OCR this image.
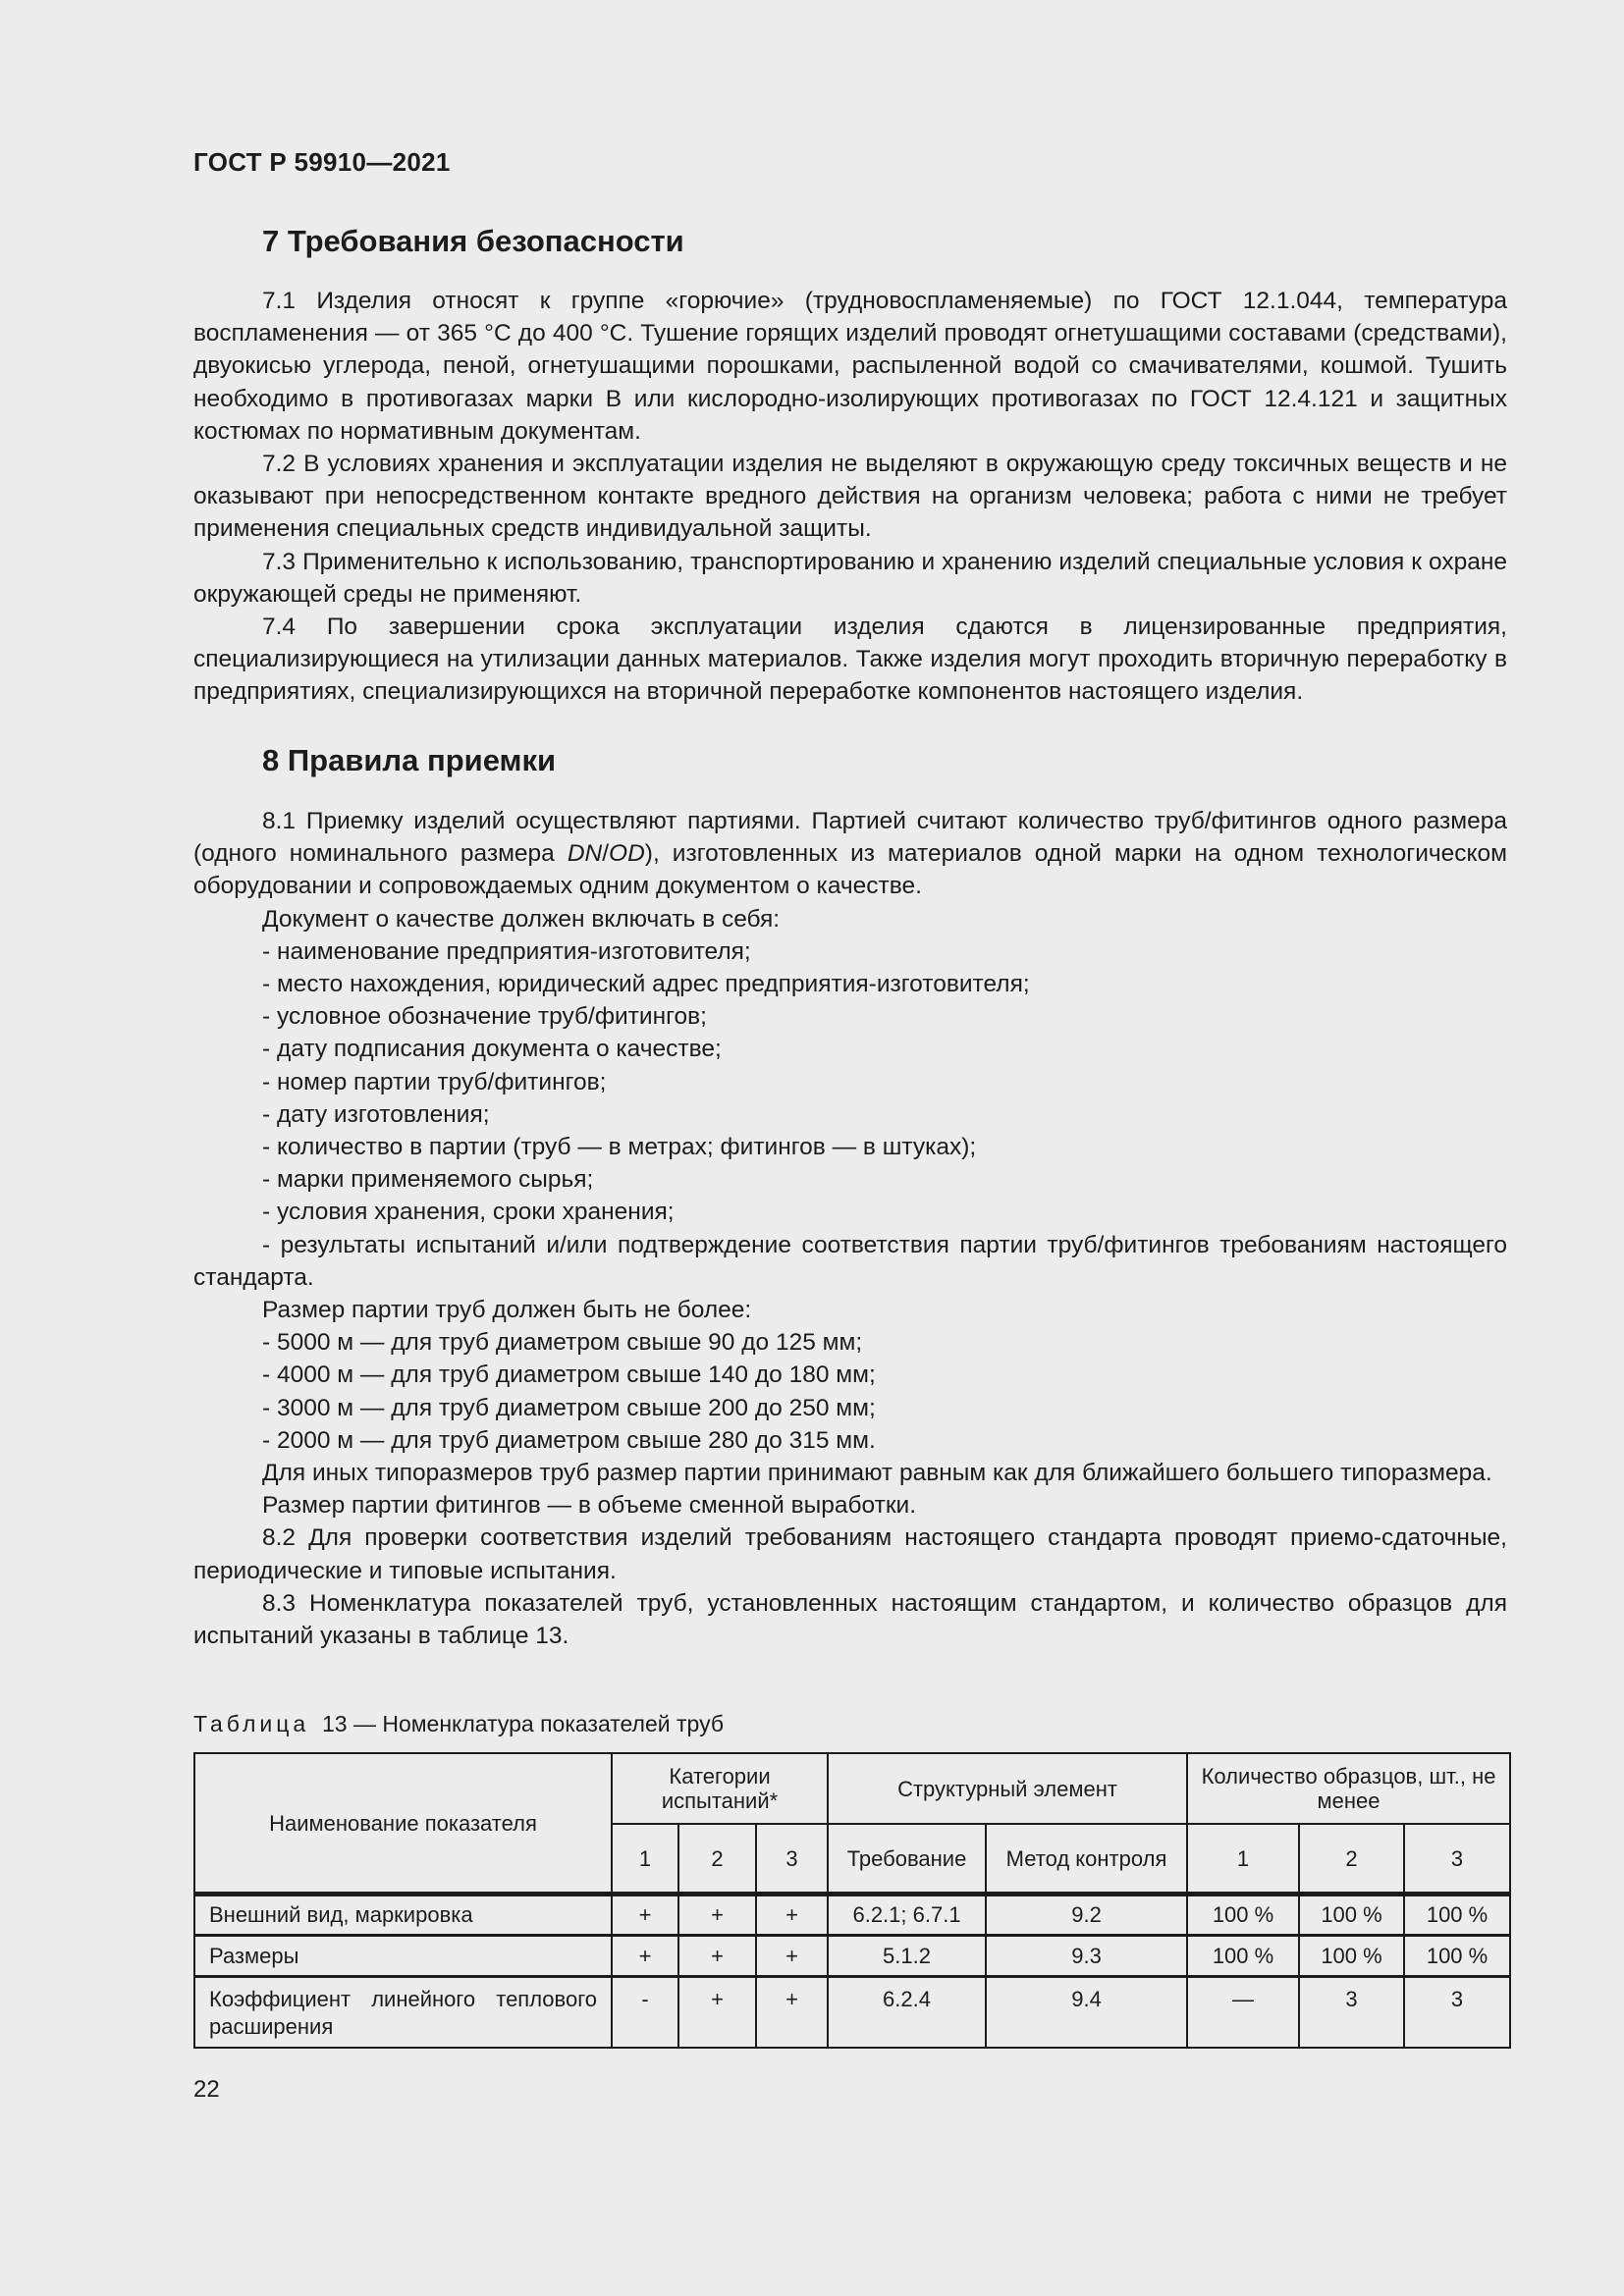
ГОСТ Р 59910—2021
7 Требования безопасности

7.1 Изделия относят к группе «горючие» (трудновоспламеняемые) по ГОСТ 12.1.044, температура воспламенения — от 365 °С до 400 °С. Тушение горящих изделий проводят огнетушащими составами (средствами), двуокисью углерода, пеной, огнетушащими порошками, распыленной водой со смачивателями, кошмой. Тушить необходимо в противогазах марки В или кислородно-изолирующих противогазах по ГОСТ 12.4.121 и защитных костюмах по нормативным документам.

7.2 В условиях хранения и эксплуатации изделия не выделяют в окружающую среду токсичных веществ и не оказывают при непосредственном контакте вредного действия на организм человека; работа с ними не требует применения специальных средств индивидуальной защиты.

7.3 Применительно к использованию, транспортированию и хранению изделий специальные условия к охране окружающей среды не применяют.

7.4 По завершении срока эксплуатации изделия сдаются в лицензированные предприятия, специализирующиеся на утилизации данных материалов. Также изделия могут проходить вторичную переработку в предприятиях, специализирующихся на вторичной переработке компонентов настоящего изделия.

8 Правила приемки

8.1 Приемку изделий осуществляют партиями. Партией считают количество труб/фитингов одного размера (одного номинального размера DN/OD), изготовленных из материалов одной марки на одном технологическом оборудовании и сопровождаемых одним документом о качестве.

Документ о качестве должен включать в себя:

- наименование предприятия-изготовителя;

- место нахождения, юридический адрес предприятия-изготовителя;

- условное обозначение труб/фитингов;

- дату подписания документа о качестве;

- номер партии труб/фитингов;

- дату изготовления;

- количество в партии (труб — в метрах; фитингов — в штуках);

- марки применяемого сырья;

- условия хранения, сроки хранения;

- результаты испытаний и/или подтверждение соответствия партии труб/фитингов требованиям настоящего стандарта.

Размер партии труб должен быть не более:

- 5000 м — для труб диаметром свыше 90 до 125 мм;

- 4000 м — для труб диаметром свыше 140 до 180 мм;

- 3000 м — для труб диаметром свыше 200 до 250 мм;

- 2000 м — для труб диаметром свыше 280 до 315 мм.

Для иных типоразмеров труб размер партии принимают равным как для ближайшего большего типоразмера.

Размер партии фитингов — в объеме сменной выработки.

8.2 Для проверки соответствия изделий требованиям настоящего стандарта проводят приемо-сдаточные, периодические и типовые испытания.

8.3 Номенклатура показателей труб, установленных настоящим стандартом, и количество образцов для испытаний указаны в таблице 13.

Таблица 13 — Номенклатура показателей труб
Наименование показателя	Категории испытаний*			Структурный элемент		Количество образцов, шт., не менее		
	1	2	3	Требование	Метод контроля	1	2	3
Внешний вид, маркировка	+	+	+	6.2.1; 6.7.1	9.2	100 %	100 %	100 %
Размеры	+	+	+	5.1.2	9.3	100 %	100 %	100 %
Коэффициент линейного теплового расширения	-	+	+	6.2.4	9.4	—	3	3
22
